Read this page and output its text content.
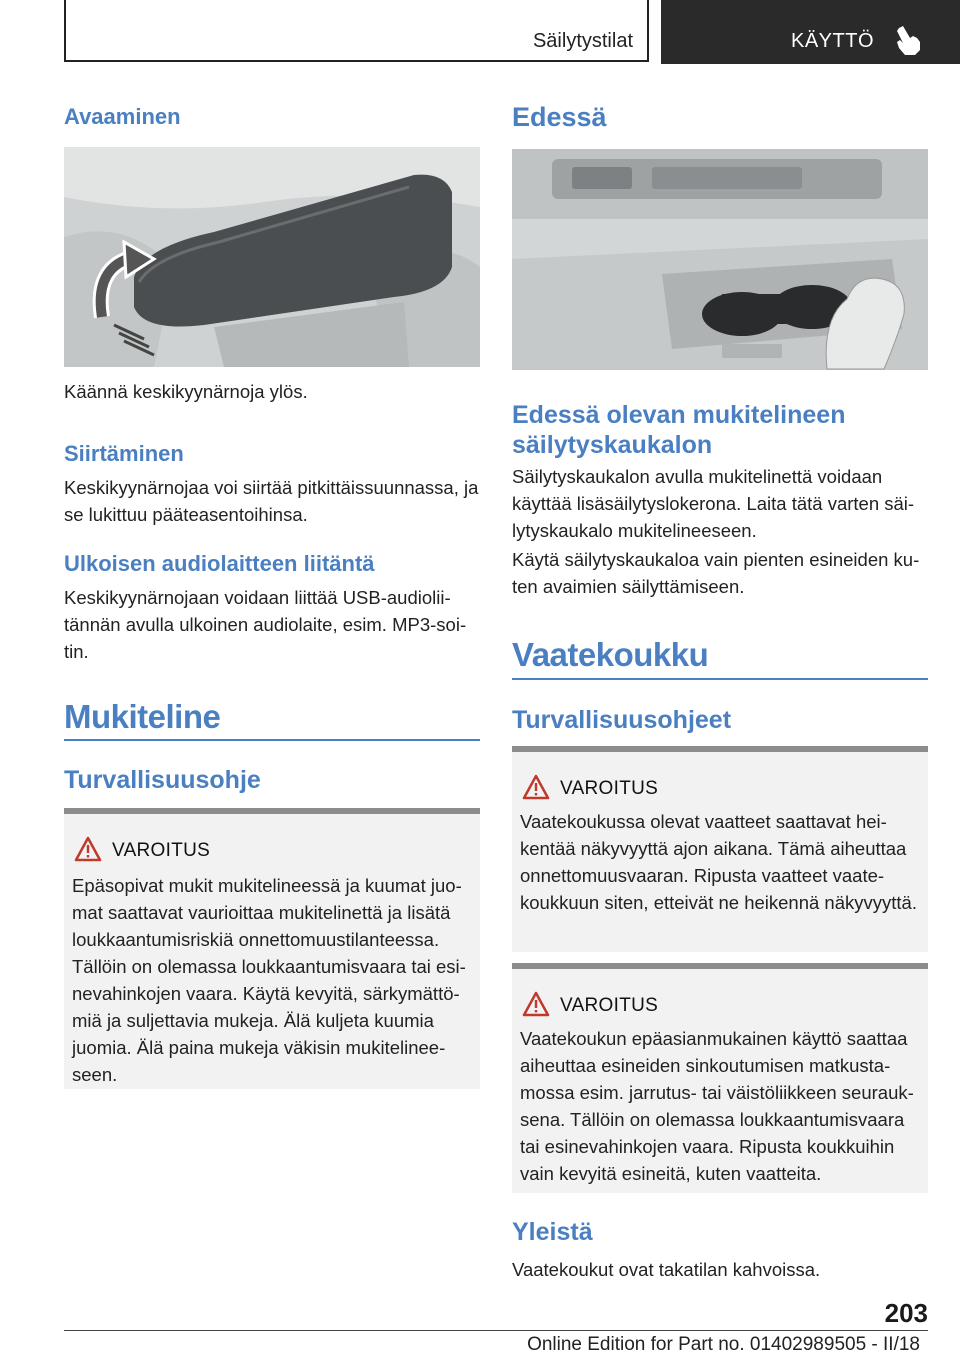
Säilytystilat	KÄYTTÖ
Avaaminen

Käännä keskikyynärnoja ylös.

Siirtäminen

Keskikyynärnojaa voi siirtää pitkittäissuunnassa, ja se lukittuu pääteasentoihinsa.

Ulkoisen audiolaitteen liitäntä

Keskikyynärnojaan voidaan liittää USB-audioliitännän avulla ulkoinen audiolaite, esim. MP3-soitin.

Mukiteline
Turvallisuusohje
VAROITUS
Epäsopivat mukit mukitelineessä ja kuumat juomat saattavat vaurioittaa mukitelinettä ja lisätä loukkaantumisriskiä onnettomuustilanteessa. Tällöin on olemassa loukkaantumisvaara tai esinevahinkojen vaara. Käytä kevyitä, särkymättömiä ja suljettavia mukeja. Älä kuljeta kuumia juomia. Älä paina mukeja väkisin mukitelineeseen.
Edessä
Edessä olevan mukitelineen säilytyskaukalon

Säilytyskaukalon avulla mukitelinettä voidaan käyttää lisäsäilytyslokerona. Laita tätä varten säilytyskaukalo mukitelineeseen.

Käytä säilytyskaukaloa vain pienten esineiden kuten avaimien säilyttämiseen.

Vaatekoukku
Turvallisuusohjeet
VAROITUS
Vaatekoukussa olevat vaatteet saattavat heikentää näkyvyyttä ajon aikana. Tämä aiheuttaa onnettomuusvaaran. Ripusta vaatteet vaatekoukkuun siten, etteivät ne heikennä näkyvyyttä.
VAROITUS
Vaatekoukun epäasianmukainen käyttö saattaa aiheuttaa esineiden sinkoutumisen matkustamossa esim. jarrutus- tai väistöliikkeen seurauksena. Tällöin on olemassa loukkaantumisvaara tai esinevahinkojen vaara. Ripusta koukkuihin vain kevyitä esineitä, kuten vaatteita.
Yleistä

Vaatekoukut ovat takatilan kahvoissa.

203
Online Edition for Part no. 01402989505 - II/18
